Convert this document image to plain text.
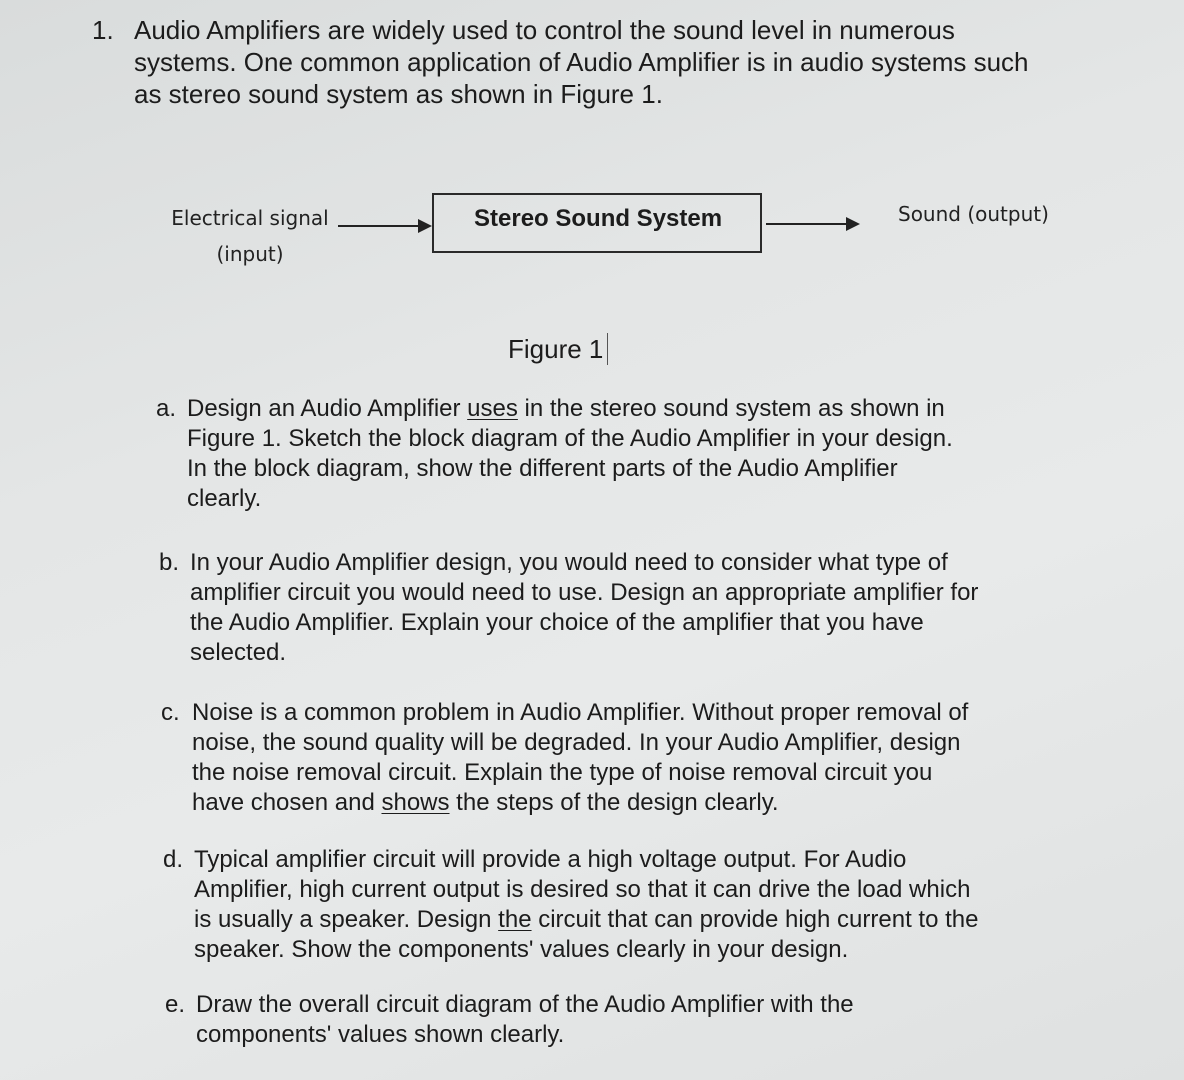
1. Audio Amplifiers are widely used to control the sound level in numerous
systems. One common application of Audio Amplifier is in audio systems such
as stereo sound system as shown in Figure 1.
Electrical signal
(input)
Stereo Sound System	Sound (output)
Figure 1
a. Design an Audio Amplifier uses in the stereo sound system as shown in
Figure 1. Sketch the block diagram of the Audio Amplifier in your design.
In the block diagram, show the different parts of the Audio Amplifier
clearly.
b. In your Audio Amplifier design, you would need to consider what type of
amplifier circuit you would need to use. Design an appropriate amplifier for
the Audio Amplifier. Explain your choice of the amplifier that you have
selected.
c. Noise is a common problem in Audio Amplifier. Without proper removal of
noise, the sound quality will be degraded. In your Audio Amplifier, design
the noise removal circuit. Explain the type of noise removal circuit you
have chosen and shows the steps of the design clearly.
d. Typical amplifier circuit will provide a high voltage output. For Audio
Amplifier, high current output is desired so that it can drive the load which
is usually a speaker. Design the circuit that can provide high current to the
speaker. Show the components' values clearly in your design.
e. Draw the overall circuit diagram of the Audio Amplifier with the
components' values shown clearly.
